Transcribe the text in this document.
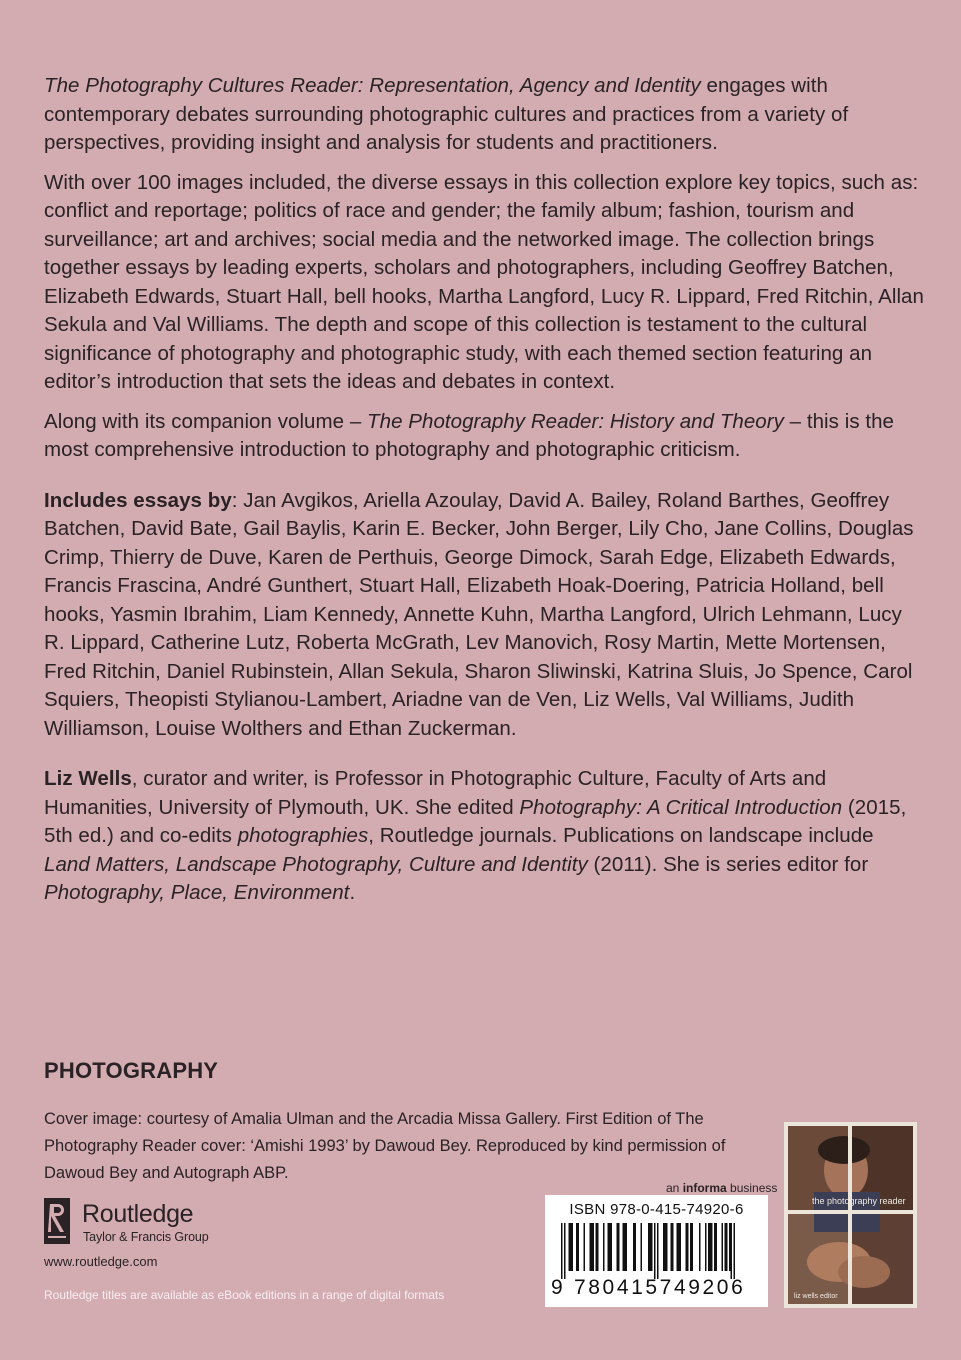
The Photography Cultures Reader: Representation, Agency and Identity engages with contemporary debates surrounding photographic cultures and practices from a variety of perspectives, providing insight and analysis for students and practitioners.

With over 100 images included, the diverse essays in this collection explore key topics, such as: conflict and reportage; politics of race and gender; the family album; fashion, tourism and surveillance; art and archives; social media and the networked image. The collection brings together essays by leading experts, scholars and photographers, including Geoffrey Batchen, Elizabeth Edwards, Stuart Hall, bell hooks, Martha Langford, Lucy R. Lippard, Fred Ritchin, Allan Sekula and Val Williams. The depth and scope of this collection is testament to the cultural significance of photography and photographic study, with each themed section featuring an editor’s introduction that sets the ideas and debates in context.

Along with its companion volume – The Photography Reader: History and Theory – this is the most comprehensive introduction to photography and photographic criticism.

Includes essays by: Jan Avgikos, Ariella Azoulay, David A. Bailey, Roland Barthes, Geoffrey Batchen, David Bate, Gail Baylis, Karin E. Becker, John Berger, Lily Cho, Jane Collins, Douglas Crimp, Thierry de Duve, Karen de Perthuis, George Dimock, Sarah Edge, Elizabeth Edwards, Francis Frascina, André Gunthert, Stuart Hall, Elizabeth Hoak-Doering, Patricia Holland, bell hooks, Yasmin Ibrahim, Liam Kennedy, Annette Kuhn, Martha Langford, Ulrich Lehmann, Lucy R. Lippard, Catherine Lutz, Roberta McGrath, Lev Manovich, Rosy Martin, Mette Mortensen, Fred Ritchin, Daniel Rubinstein, Allan Sekula, Sharon Sliwinski, Katrina Sluis, Jo Spence, Carol Squiers, Theopisti Stylianou-Lambert, Ariadne van de Ven, Liz Wells, Val Williams, Judith Williamson, Louise Wolthers and Ethan Zuckerman.

Liz Wells, curator and writer, is Professor in Photographic Culture, Faculty of Arts and Humanities, University of Plymouth, UK. She edited Photography: A Critical Introduction (2015, 5th ed.) and co-edits photographies, Routledge journals. Publications on landscape include Land Matters, Landscape Photography, Culture and Identity (2011). She is series editor for Photography, Place, Environment.

PHOTOGRAPHY
Cover image: courtesy of Amalia Ulman and the Arcadia Missa Gallery. First Edition of The Photography Reader cover: ‘Amishi 1993’ by Dawoud Bey. Reproduced by kind permission of Dawoud Bey and Autograph ABP.
Routledge
Taylor & Francis Group
www.routledge.com
Routledge titles are available as eBook editions in a range of digital formats
an informa business
ISBN 978-0-415-74920-6
9 780415749206
the photography reader
liz wells editor
